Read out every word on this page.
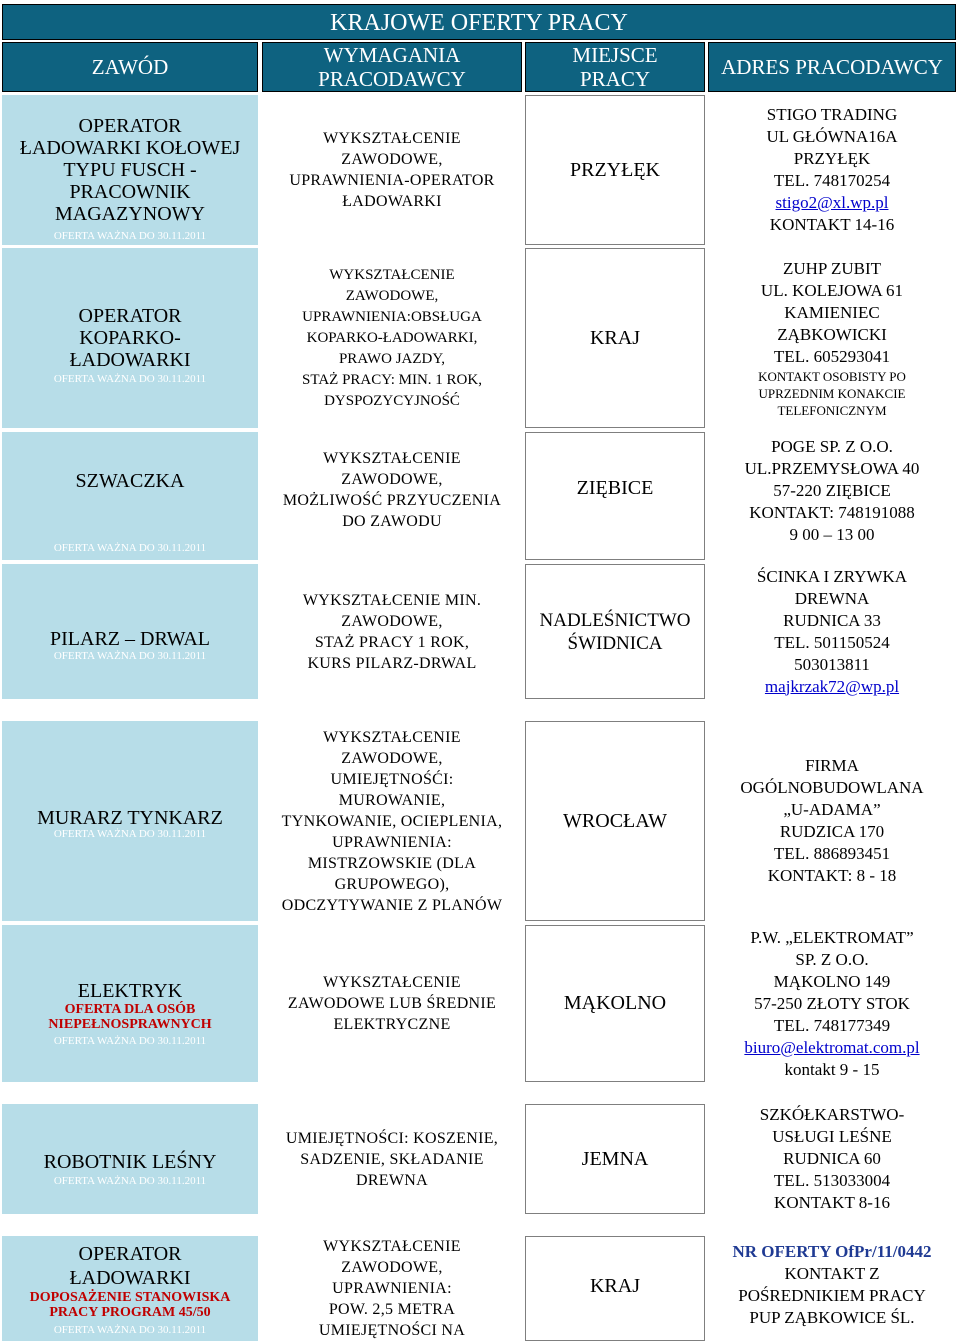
KRAJOWE OFERTY PRACY
ZAWÓD	WYMAGANIA
PRACODAWCY
MIEJSCE
PRACY	ADRES PRACODAWCY
OPERATOR
ŁADOWARKI KOŁOWEJ
TYPU FUSCH -
PRACOWNIK
MAGAZYNOWY
OFERTA WAŻNA DO 30.11.2011
WYKSZTAŁCENIE
ZAWODOWE,
UPRAWNIENIA-OPERATOR
ŁADOWARKI
PRZYŁĘK
STIGO TRADING
UL GŁÓWNA16A
PRZYŁĘK
TEL. 748170254
stigo2@xl.wp.pl
KONTAKT 14-16
OPERATOR
KOPARKO-
ŁADOWARKI
OFERTA WAŻNA DO 30.11.2011
WYKSZTAŁCENIE
ZAWODOWE,
UPRAWNIENIA:OBSŁUGA
KOPARKO-ŁADOWARKI,
PRAWO JAZDY,
STAŻ PRACY: MIN. 1 ROK,
DYSPOZYCYJNOŚĆ
KRAJ
ZUHP ZUBIT
UL. KOLEJOWA 61
KAMIENIEC
ZĄBKOWICKI
TEL. 605293041
KONTAKT OSOBISTY PO
UPRZEDNIM KONAKCIE
TELEFONICZNYM
SZWACZKA
OFERTA WAŻNA DO 30.11.2011
WYKSZTAŁCENIE
ZAWODOWE,
MOŻLIWOŚĆ PRZYUCZENIA
DO ZAWODU
ZIĘBICE
POGE SP. Z O.O.
UL.PRZEMYSŁOWA 40
57-220 ZIĘBICE
KONTAKT: 748191088
9 00 – 13 00
PILARZ – DRWAL
OFERTA WAŻNA DO 30.11.2011
WYKSZTAŁCENIE MIN.
ZAWODOWE,
STAŻ PRACY 1 ROK,
KURS PILARZ-DRWAL
NADLEŚNICTWO
ŚWIDNICA
ŚCINKA I ZRYWKA
DREWNA
RUDNICA 33
TEL. 501150524
503013811
majkrzak72@wp.pl
MURARZ TYNKARZ
OFERTA WAŻNA DO 30.11.2011
WYKSZTAŁCENIE
ZAWODOWE,
UMIEJĘTNOŚĆI:
MUROWANIE,
TYNKOWANIE, OCIEPLENIA,
UPRAWNIENIA:
MISTRZOWSKIE (DLA
GRUPOWEGO),
ODCZYTYWANIE Z PLANÓW
WROCŁAW
FIRMA
OGÓLNOBUDOWLANA
„U-ADAMA”
RUDZICA 170
TEL. 886893451
KONTAKT: 8 - 18
ELEKTRYK
OFERTA DLA OSÓB
NIEPEŁNOSPRAWNYCH
OFERTA WAŻNA DO 30.11.2011
WYKSZTAŁCENIE
ZAWODOWE LUB ŚREDNIE
ELEKTRYCZNE
MĄKOLNO
P.W. „ELEKTROMAT”
SP. Z O.O.
MĄKOLNO 149
57-250 ZŁOTY STOK
TEL. 748177349
biuro@elektromat.com.pl
kontakt 9 - 15
ROBOTNIK LEŚNY
OFERTA WAŻNA DO 30.11.2011
UMIEJĘTNOŚCI: KOSZENIE,
SADZENIE, SKŁADANIE
DREWNA
JEMNA
SZKÓŁKARSTWO-
USŁUGI LEŚNE
RUDNICA 60
TEL. 513033004
KONTAKT 8-16
OPERATOR
ŁADOWARKI
DOPOSAŻENIE STANOWISKA
PRACY PROGRAM 45/50
OFERTA WAŻNA DO 30.11.2011
WYKSZTAŁCENIE
ZAWODOWE,
UPRAWNIENIA:
POW. 2,5 METRA
UMIEJĘTNOŚCI NA
KRAJ
NR OFERTY OfPr/11/0442
KONTAKT Z
POŚREDNIKIEM PRACY
PUP ZĄBKOWICE ŚL.
